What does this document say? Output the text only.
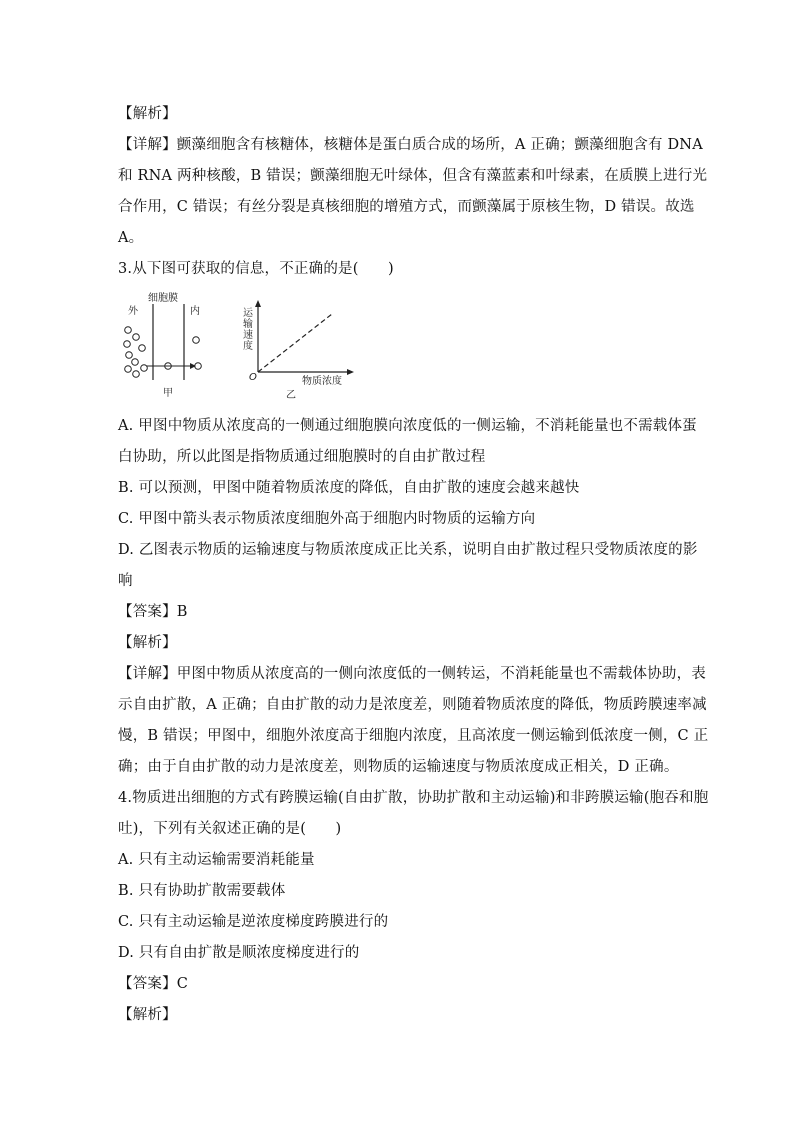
【解析】
【详解】颤藻细胞含有核糖体，核糖体是蛋白质合成的场所，A 正确；颤藻细胞含有 DNA
和 RNA 两种核酸，B 错误；颤藻细胞无叶绿体，但含有藻蓝素和叶绿素，在质膜上进行光
合作用，C 错误；有丝分裂是真核细胞的增殖方式，而颤藻属于原核生物，D 错误。故选
A。
3.从下图可获取的信息，不正确的是(　　)
细胞膜
外	内
甲
运
输
速
度
O	物质浓度
乙
A. 甲图中物质从浓度高的一侧通过细胞膜向浓度低的一侧运输，不消耗能量也不需载体蛋
白协助，所以此图是指物质通过细胞膜时的自由扩散过程
B. 可以预测，甲图中随着物质浓度的降低，自由扩散的速度会越来越快
C. 甲图中箭头表示物质浓度细胞外高于细胞内时物质的运输方向
D. 乙图表示物质的运输速度与物质浓度成正比关系，说明自由扩散过程只受物质浓度的影
响
【答案】B
【解析】
【详解】甲图中物质从浓度高的一侧向浓度低的一侧转运，不消耗能量也不需载体协助，表
示自由扩散，A 正确；自由扩散的动力是浓度差，则随着物质浓度的降低，物质跨膜速率减
慢，B 错误；甲图中，细胞外浓度高于细胞内浓度，且高浓度一侧运输到低浓度一侧，C 正
确；由于自由扩散的动力是浓度差，则物质的运输速度与物质浓度成正相关，D 正确。
4.物质进出细胞的方式有跨膜运输(自由扩散，协助扩散和主动运输)和非跨膜运输(胞吞和胞
吐)，下列有关叙述正确的是(　　)
A. 只有主动运输需要消耗能量
B. 只有协助扩散需要载体
C. 只有主动运输是逆浓度梯度跨膜进行的
D. 只有自由扩散是顺浓度梯度进行的
【答案】C
【解析】
